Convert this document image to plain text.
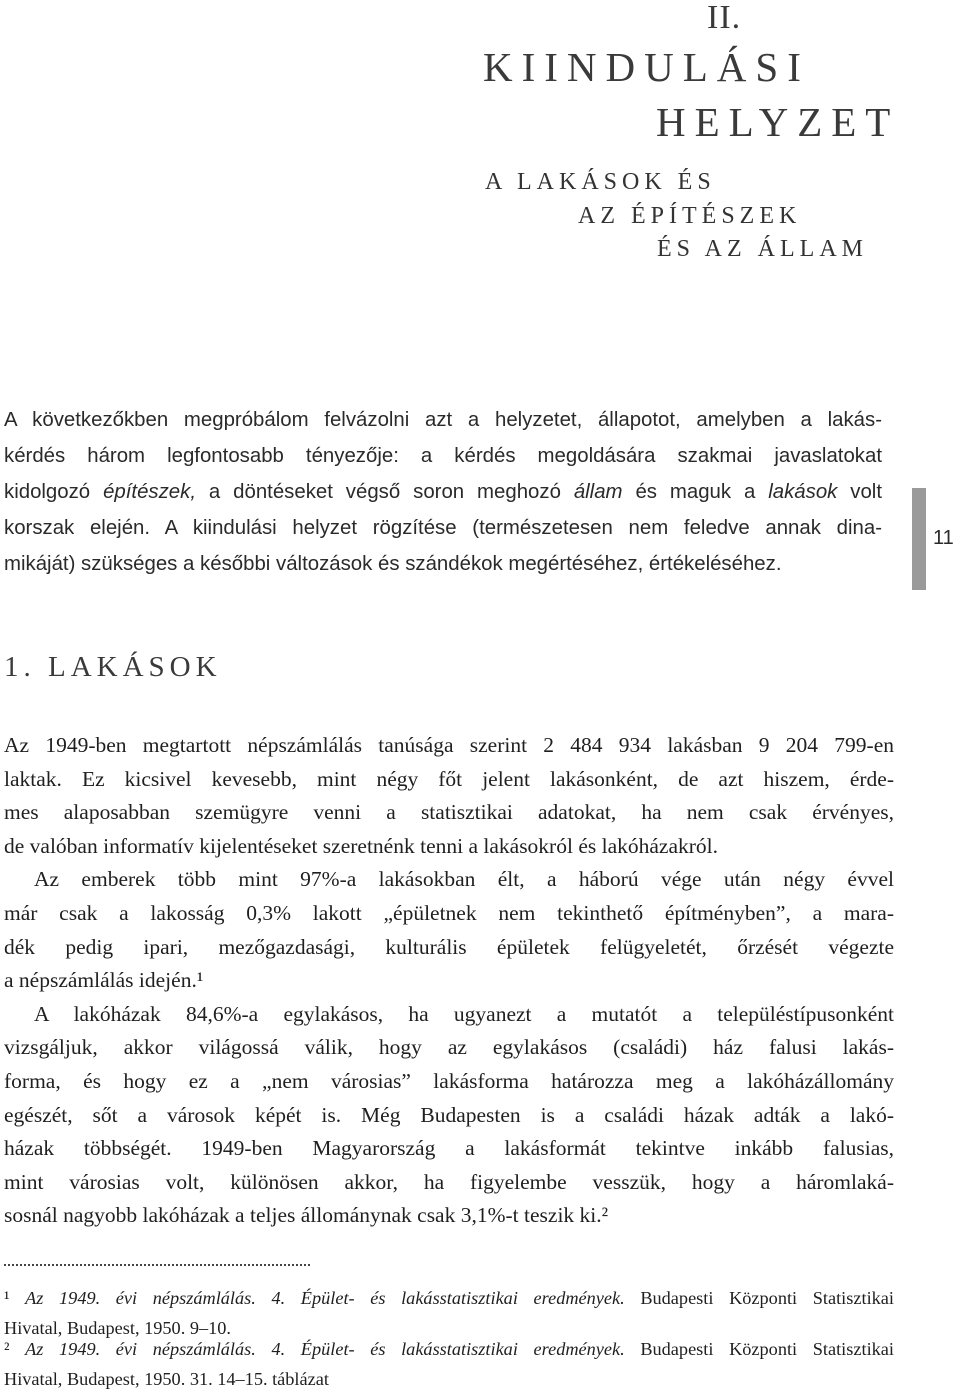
II.
KIINDULÁSI
HELYZET
A LAKÁSOK ÉS
AZ ÉPÍTÉSZEK
ÉS AZ ÁLLAM
A következőkben megpróbálom felvázolni azt a helyzetet, állapotot, amelyben a lakás-
kérdés három legfontosabb tényezője: a kérdés megoldására szakmai javaslatokat
kidolgozó építészek, a döntéseket végső soron meghozó állam és maguk a lakások volt
korszak elején. A kiindulási helyzet rögzítése (természetesen nem feledve annak dina-
mikáját) szükséges a későbbi változások és szándékok megértéséhez, értékeléséhez.
11
1. LAKÁSOK
Az 1949-ben megtartott népszámlálás tanúsága szerint 2 484 934 lakásban 9 204 799-en
laktak. Ez kicsivel kevesebb, mint négy főt jelent lakásonként, de azt hiszem, érde-
mes alaposabban szemügyre venni a statisztikai adatokat, ha nem csak érvényes,
de valóban informatív kijelentéseket szeretnénk tenni a lakásokról és lakóházakról.
Az emberek több mint 97%-a lakásokban élt, a háború vége után négy évvel
már csak a lakosság 0,3% lakott „épületnek nem tekinthető építményben”, a mara-
dék pedig ipari, mezőgazdasági, kulturális épületek felügyeletét, őrzését végezte
a népszámlálás idején.¹
A lakóházak 84,6%-a egylakásos, ha ugyanezt a mutatót a településtípusonként
vizsgáljuk, akkor világossá válik, hogy az egylakásos (családi) ház falusi lakás-
forma, és hogy ez a „nem városias” lakásforma határozza meg a lakóházállomány
egészét, sőt a városok képét is. Még Budapesten is a családi házak adták a lakó-
házak többségét. 1949-ben Magyarország a lakásformát tekintve inkább falusias,
mint városias volt, különösen akkor, ha figyelembe vesszük, hogy a háromlaká-
sosnál nagyobb lakóházak a teljes állománynak csak 3,1%-t teszik ki.²
¹ Az 1949. évi népszámlálás. 4. Épület- és lakásstatisztikai eredmények. Budapesti Központi Statisztikai
Hivatal, Budapest, 1950. 9–10.
² Az 1949. évi népszámlálás. 4. Épület- és lakásstatisztikai eredmények. Budapesti Központi Statisztikai
Hivatal, Budapest, 1950. 31. 14–15. táblázat
